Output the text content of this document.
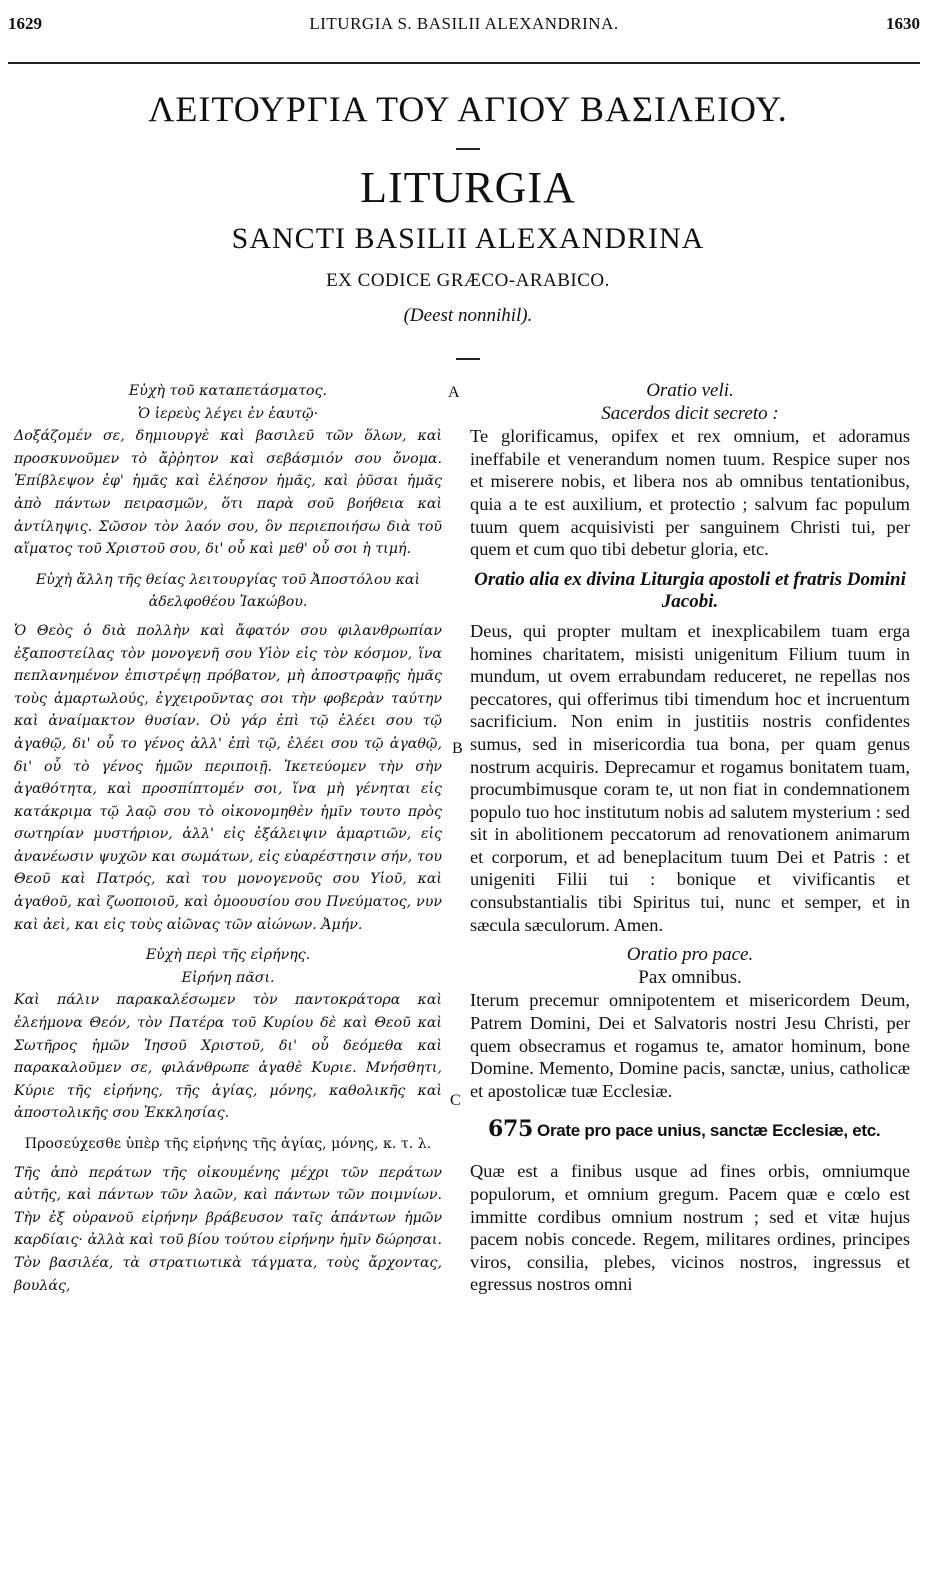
1629	LITURGIA S. BASILII ALEXANDRINA.	1630
ΛΕΙΤΟΥΡΓΙΑ ΤΟΥ ΑΓΙΟΥ ΒΑΣΙΛΕΙΟΥ.
LITURGIA
SANCTI BASILII ALEXANDRINA
EX CODICE GRÆCO-ARABICO.
(Deest nonnihil).
A
B
C

Εὐχὴ τοῦ καταπετάσματος.

Ὁ ἱερεὺς λέγει ἐν ἑαυτῷ·

Δοξάζομέν σε, δημιουργὲ καὶ βασιλεῦ τῶν ὅλων, καὶ προσκυνοῦμεν τὸ ἄῤῥητον καὶ σεβάσμιόν σου ὄνομα. Ἐπίβλεψον ἐφ' ἡμᾶς καὶ ἐλέησον ἡμᾶς, καὶ ῥῦσαι ἡμᾶς ἀπὸ πάντων πειρασμῶν, ὅτι παρὰ σοῦ βοήθεια καὶ ἀντίληψις. Σῶσον τὸν λαόν σου, ὃν περιεποιήσω διὰ τοῦ αἵματος τοῦ Χριστοῦ σου, δι' οὗ καὶ μεθ' οὗ σοι ἡ τιμή.

Εὐχὴ ἄλλη τῆς θείας λειτουργίας τοῦ Ἀποστόλου καὶ ἀδελφοθέου Ἰακώβου.

Ὁ Θεὸς ὁ διὰ πολλὴν καὶ ἄφατόν σου φιλανθρωπίαν ἐξαποστείλας τὸν μονογενῆ σου Υἱὸν εἰς τὸν κόσμον, ἵνα πεπλανημένον ἐπιστρέψῃ πρόβατον, μὴ ἀποστραφῇς ἡμᾶς τοὺς ἁμαρτωλούς, ἐγχειροῦντας σοι τὴν φοβερὰν ταύτην καὶ ἀναίμακτον θυσίαν. Οὐ γάρ ἐπὶ τῷ ἐλέει σου τῷ ἀγαθῷ, δι' οὗ το γένος ἀλλ' ἐπὶ τῷ, ἐλέει σου τῷ ἀγαθῷ, δι' οὗ τὸ γένος ἡμῶν περιποιῇ. Ἱκετεύομεν τὴν σὴν ἀγαθότητα, καὶ προσπίπτομέν σοι, ἵνα μὴ γένηται εἰς κατάκριμα τῷ λαῷ σου τὸ οἰκονομηθὲν ἡμῖν τουτο πρὸς σωτηρίαν μυστήριον, ἀλλ' εἰς ἐξάλειψιν ἁμαρτιῶν, εἰς ἀνανέωσιν ψυχῶν και σωμάτων, εἰς εὐαρέστησιν σήν, του Θεοῦ καὶ Πατρός, καὶ του μονογενοῦς σου Υἱοῦ, καὶ ἀγαθοῦ, καὶ ζωοποιοῦ, καὶ ὁμοουσίου σου Πνεύματος, νυν καὶ ἀεὶ, και εἰς τοὺς αἰῶνας τῶν αἰώνων. Ἀμήν.

Εὐχὴ περὶ τῆς εἰρήνης.

Εἰρήνη πᾶσι.

Καὶ πάλιν παρακαλέσωμεν τὸν παντοκράτορα καὶ ἐλεήμονα Θεόν, τὸν Πατέρα τοῦ Κυρίου δὲ καὶ Θεοῦ καὶ Σωτῆρος ἡμῶν Ἰησοῦ Χριστοῦ, δι' οὗ δεόμεθα καὶ παρακαλοῦμεν σε, φιλάνθρωπε ἀγαθὲ Κυριε. Μνήσθητι, Κύριε τῆς εἰρήνης, τῆς ἁγίας, μόνης, καθολικῆς καὶ ἀποστολικῆς σου Ἐκκλησίας.

Προσεύχεσθε ὑπὲρ τῆς εἰρήνης τῆς ἁγίας, μόνης, κ. τ. λ.

Τῆς ἀπὸ περάτων τῆς οἰκουμένης μέχρι τῶν περάτων αὐτῆς, καὶ πάντων τῶν λαῶν, καὶ πάντων τῶν ποιμνίων. Τὴν ἐξ οὐρανοῦ εἰρήνην βράβευσον ταῖς ἁπάντων ἡμῶν καρδίαις· ἀλλὰ καὶ τοῦ βίου τούτου εἰρήνην ἡμῖν δώρησαι. Τὸν βασιλέα, τὰ στρατιωτικὰ τάγματα, τοὺς ἄρχοντας, βουλάς,

Oratio veli.

Sacerdos dicit secreto :

Te glorificamus, opifex et rex omnium, et adoramus ineffabile et venerandum nomen tuum. Respice super nos et miserere nobis, et libera nos ab omnibus tentationibus, quia a te est auxilium, et protectio ; salvum fac populum tuum quem acquisivisti per sanguinem Christi tui, per quem et cum quo tibi debetur gloria, etc.

Oratio alia ex divina Liturgia apostoli et fratris Domini Jacobi.

Deus, qui propter multam et inexplicabilem tuam erga homines charitatem, misisti unigenitum Filium tuum in mundum, ut ovem errabundam reduceret, ne repellas nos peccatores, qui offerimus tibi timendum hoc et incruentum sacrificium. Non enim in justitiis nostris confidentes sumus, sed in misericordia tua bona, per quam genus nostrum acquiris. Deprecamur et rogamus bonitatem tuam, procumbimusque coram te, ut non fiat in condemnationem populo tuo hoc institutum nobis ad salutem mysterium : sed sit in abolitionem peccatorum ad renovationem animarum et corporum, et ad beneplacitum tuum Dei et Patris : et unigeniti Filii tui : bonique et vivificantis et consubstantialis tibi Spiritus tui, nunc et semper, et in sæcula sæculorum. Amen.

Oratio pro pace.

Pax omnibus.

Iterum precemur omnipotentem et misericordem Deum, Patrem Domini, Dei et Salvatoris nostri Jesu Christi, per quem obsecramus et rogamus te, amator hominum, bone Domine. Memento, Domine pacis, sanctæ, unius, catholicæ et apostolicæ tuæ Ecclesiæ.

675 Orate pro pace unius, sanctæ Ecclesiæ, etc.

Quæ est a finibus usque ad fines orbis, omniumque populorum, et omnium gregum. Pacem quæ e cœlo est immitte cordibus omnium nostrum ; sed et vitæ hujus pacem nobis concede. Regem, militares ordines, principes viros, consilia, plebes, vicinos nostros, ingressus et egressus nostros omni
